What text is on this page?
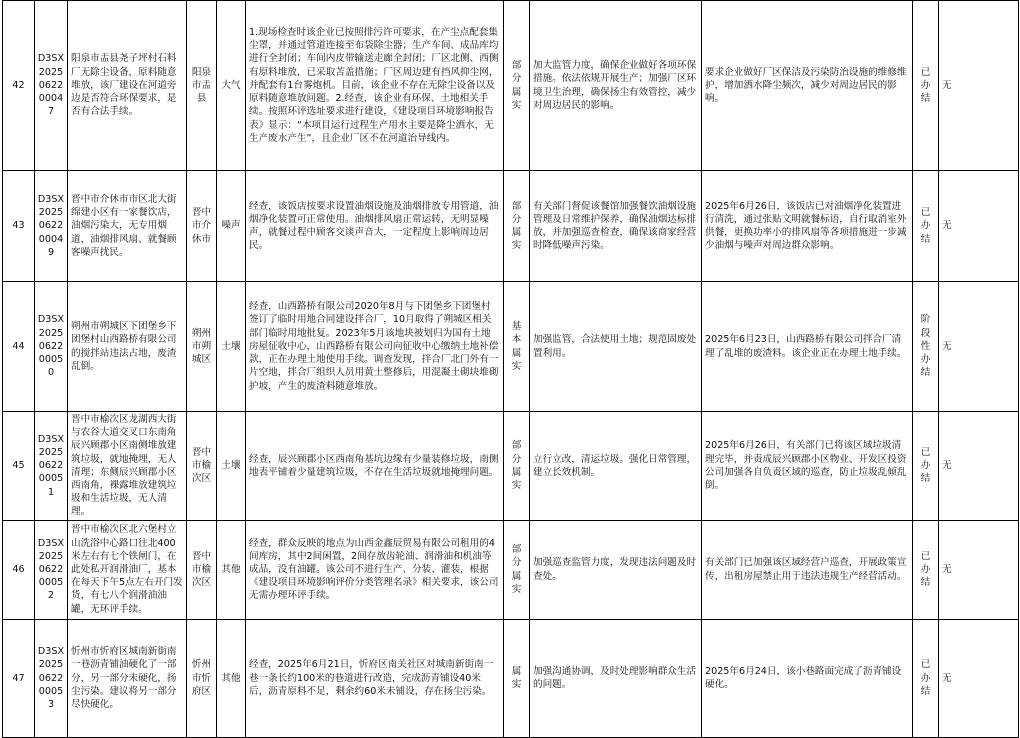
42	D3SX2025062200047	阳泉市盂县尧子坪村石料厂无除尘设备，原料随意堆放，该厂建设在河道旁边是否符合环保要求，是否有合法手续。	阳泉市盂县	大气	1.现场检查时该企业已按照排污许可要求，在产尘点配套集尘罩，并通过管道连接至布袋除尘器；生产车间、成品库均进行全封闭；车间内皮带输送走廊全封闭；厂区北侧、西侧有原料堆放，已采取苫盖措施；厂区周边建有挡风抑尘网，并配套有1台雾炮机。目前，该企业不存在无除尘设备以及原料随意堆放问题。2.经查，该企业有环保、土地相关手续。按照环评选址要求进行建设，《建设项目环境影响报告表》显示：“本项目运行过程生产用水主要是降尘洒水，无生产废水产生”，且企业厂区不在河道治导线内。	部分属实	加大监管力度，确保企业做好各项环保措施。依法依规开展生产；加强厂区环境卫生治理，确保扬尘有效管控，减少对周边居民的影响。	要求企业做好厂区保洁及污染防治设施的维修维护，增加洒水降尘频次，减少对周边居民的影响。	已办结	无
43	D3SX2025062200049	晋中市介休市市区北大街绵建小区有一家餐饮店，油烟污染大，无专用烟道，油烟排风扇、就餐顾客噪声扰民。	晋中市介休市	噪声	经查，该饭店按要求设置油烟设施及油烟排放专用管道，油烟净化装置可正常使用。油烟排风扇正常运转，无明显噪声，就餐过程中顾客交谈声音大，一定程度上影响周边居民。	部分属实	有关部门督促该餐馆加强餐饮油烟设施管理及日常维护保养，确保油烟达标排放，并加强巡查检查，确保该商家经营时降低噪声污染。	2025年6月26日，该饭店已对油烟净化装置进行清洗，通过张贴文明就餐标语，自行取消室外供餐，更换功率小的排风扇等各项措施进一步减少油烟与噪声对周边群众影响。	已办结	无
44	D3SX2025062200050	朔州市朔城区下团堡乡下团堡村山西路桥有限公司的搅拌站违法占地，废渣乱倒。	朔州市朔城区	土壤	经查，山西路桥有限公司2020年8月与下团堡乡下团堡村签订了临时用地合同建设拌合厂，10月取得了朔城区相关部门临时用地批复。2023年5月该地块被划归为国有土地房屋征收中心，山西路桥有限公司向征收中心缴纳土地补偿款，正在办理土地使用手续。调查发现，拌合厂北门外有一片空地，拌合厂组织人员用黄土整修后，用混凝土砌块堆砌护坡，产生的废渣料随意堆放。	基本属实	加强监管，合法使用土地；规范固废处置利用。	2025年6月23日，山西路桥有限公司拌合厂清理了乱堆的废渣料。该企业正在办理土地手续。	阶段性办结	无
45	D3SX2025062200051	晋中市榆次区龙湖西大街与农谷大道交叉口东南角辰兴顾郡小区南侧堆放建筑垃圾，就地掩埋，无人清理；东侧辰兴顾郡小区西南角，裸露堆放建筑垃圾和生活垃圾，无人清理。	晋中市榆次区	土壤	经查，辰兴顾郡小区西南角基坑边缘有少量装修垃圾，南侧地表平铺着少量建筑垃圾，不存在生活垃圾就地掩埋问题。	部分属实	立行立改，清运垃圾。强化日常管理，建立长效机制。	2025年6月26日，有关部门已将该区域垃圾清理完毕，并责成辰兴顾郡小区物业、开发区投资公司加强各自负责区域的巡查，防止垃圾乱倾乱倒。	已办结	无
46	D3SX2025062200052	晋中市榆次区北六堡村立山洗浴中心路口往北400米左右有七个铁闸门，在此处私开润滑油厂，基本在每天下午5点左右开门发货，有七八个润滑油油罐，无环评手续。	晋中市榆次区	其他	经查，群众反映的地点为山西金鑫辰贸易有限公司租用的4间库房，其中2间闲置，2间存放齿轮油、润滑油和机油等成品，没有油罐。该公司不进行生产、分装、灌装，根据《建设项目环境影响评价分类管理名录》相关要求，该公司无需办理环评手续。	部分属实	加强巡查监管力度，发现违法问题及时查处。	有关部门已加强该区域经营户巡查，开展政策宣传，出租房屋禁止用于违法违规生产经营活动。	已办结	无
47	D3SX2025062200053	忻州市忻府区城南新街南一巷沥青铺油硬化了一部分，另一部分未硬化，扬尘污染。建议将另一部分尽快硬化。	忻州市忻府区	其他	经查，2025年6月21日，忻府区南关社区对城南新街南一巷一条长约100米的巷道进行改造，完成沥青铺设40米后，沥青原料不足，剩余约60米未铺设，存在扬尘污染。	属实	加强沟通协调，及时处理影响群众生活的问题。	2025年6月24日，该小巷路面完成了沥青铺设硬化。	已办结	无
